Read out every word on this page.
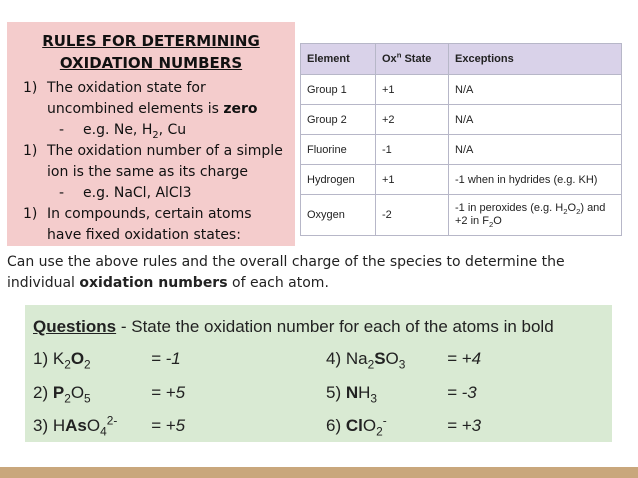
RULES FOR DETERMINING
OXIDATION NUMBERS
1) The oxidation state for
uncombined elements is zero
- e.g. Ne, $H_2$, Cu
1) The oxidation number of a simple
ion is the same as its charge
- e.g. NaCl, AlCl3
1) In compounds, certain atoms
have fixed oxidation states:
Element	Ox$^n$ State	Exceptions
Group 1	+1	N/A
Group 2	+2	N/A
Fluorine	-1	N/A
Hydrogen	+1	-1 when in hydrides (e.g. KH)
Oxygen	-2	-1 in peroxides (e.g. $H_2O_2$) and
+2 in $F_2O$
Can use the above rules and the overall charge of the species to determine the individual oxidation numbers of each atom.
Questions - State the oxidation number for each of the atoms in bold
1) $K_2O_2$	= -1
2) $P_2O_5$	= +5
3) HAsO$_4^{2-}$ = +5
4) $Na_2SO_3 = +4$
5) $NH_3$	= -3
6) ClO$_2$-	= +3
